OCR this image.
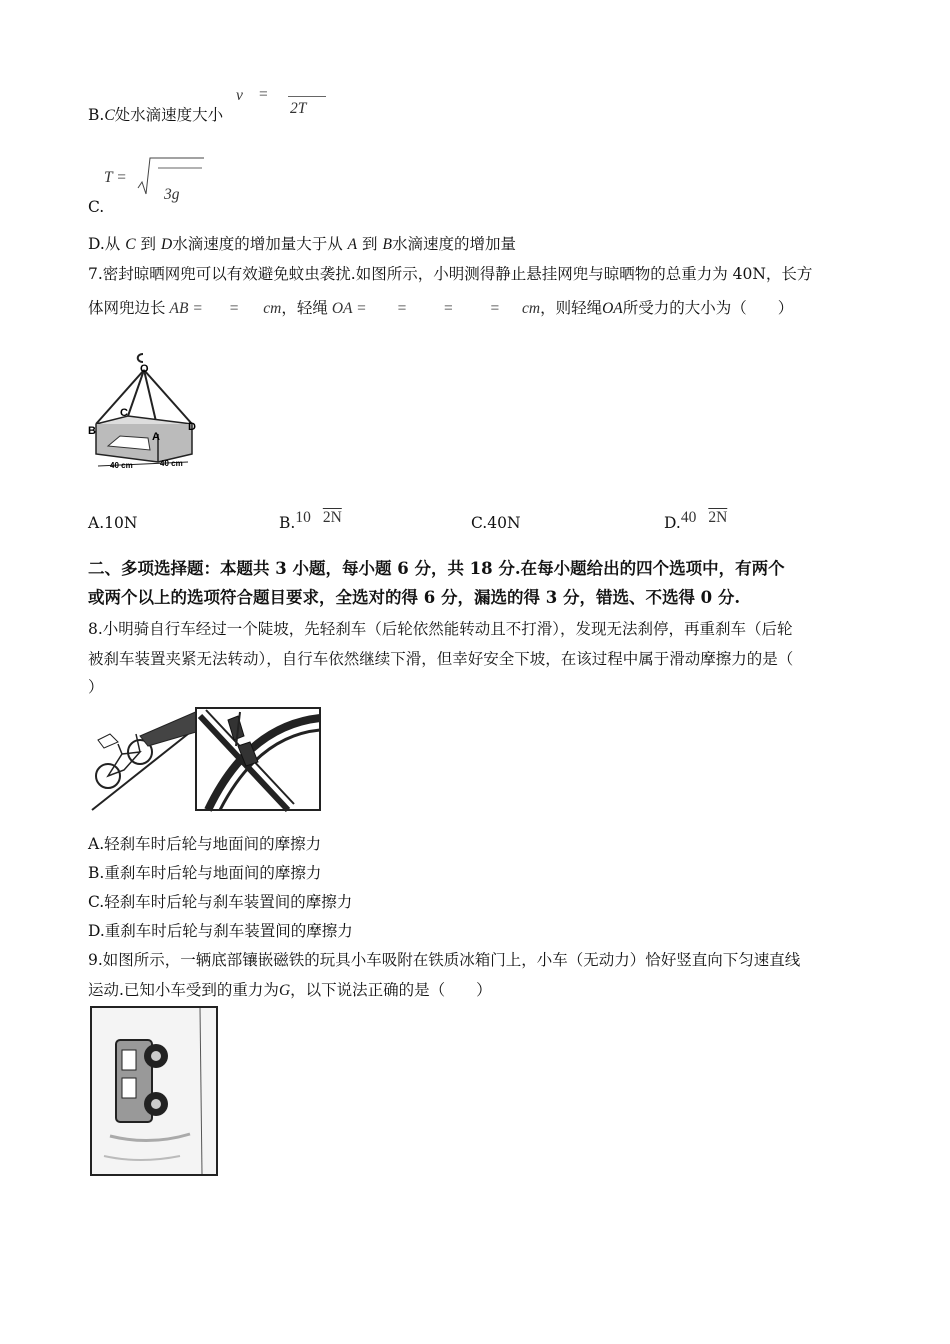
B.C处水滴速度大小
v =
2T
T =
3g
C.
D.从 C 到 D水滴速度的增加量大于从 A 到 B水滴速度的增加量
7.密封晾晒网兜可以有效避免蚊虫袭扰.如图所示，小明测得静止悬挂网兜与晾晒物的总重力为 40N，长方
体网兜边长 AB = = cm，轻绳 OA = = = = cm，则轻绳OA所受力的大小为（　　）
O
C
B	A
D
40 cm	40 cm
A.10N	B.10 2N	C.40N	D.40 2N
二、多项选择题：本题共 3 小题，每小题 6 分，共 18 分.在每小题给出的四个选项中，有两个
或两个以上的选项符合题目要求，全选对的得 6 分，漏选的得 3 分，错选、不选得 0 分.
8.小明骑自行车经过一个陡坡，先轻刹车（后轮依然能转动且不打滑），发现无法刹停，再重刹车（后轮
被刹车装置夹紧无法转动），自行车依然继续下滑，但幸好安全下坡，在该过程中属于滑动摩擦力的是（
）
A.轻刹车时后轮与地面间的摩擦力
B.重刹车时后轮与地面间的摩擦力
C.轻刹车时后轮与刹车装置间的摩擦力
D.重刹车时后轮与刹车装置间的摩擦力
9.如图所示，一辆底部镶嵌磁铁的玩具小车吸附在铁质冰箱门上，小车（无动力）恰好竖直向下匀速直线
运动.已知小车受到的重力为G，以下说法正确的是（　　）
